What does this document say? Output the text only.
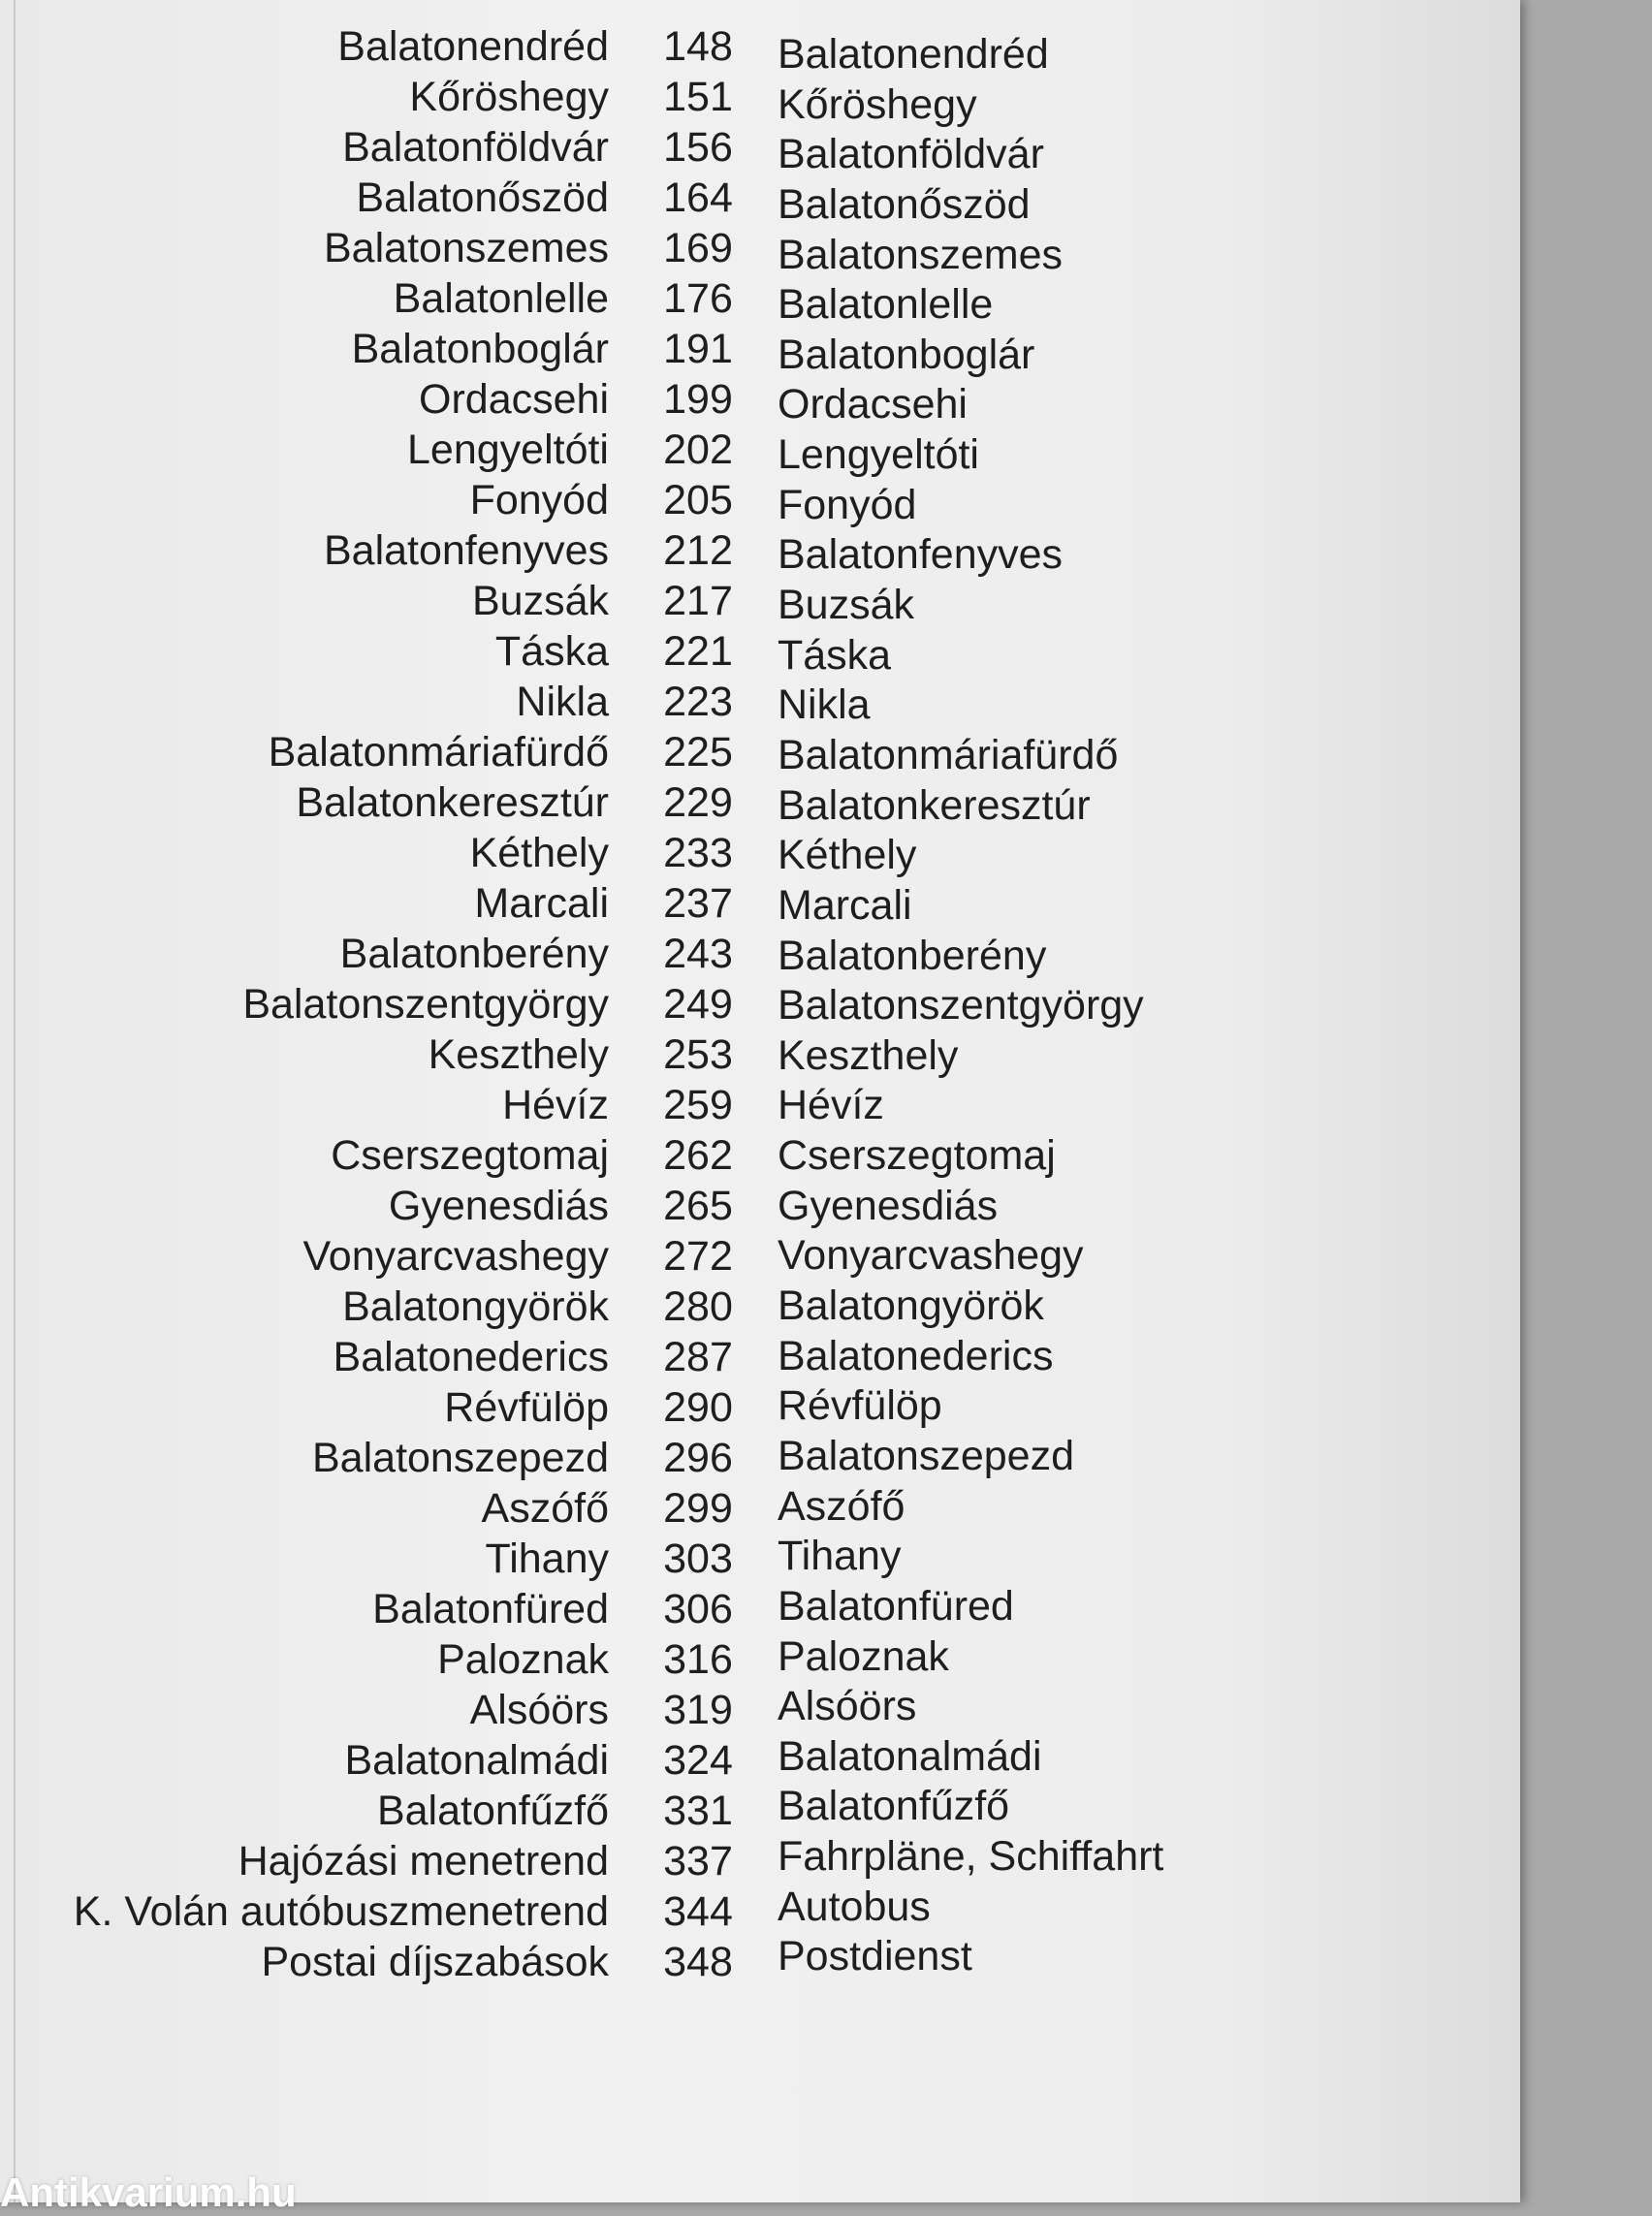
Balatonendréd 148 Balatonendréd
Kőröshegy 151 Kőröshegy
Balatonföldvár 156 Balatonföldvár
Balatonőszöd 164 Balatonőszöd
Balatonszemes 169 Balatonszemes
Balatonlelle 176 Balatonlelle
Balatonboglár 191 Balatonboglár
Ordacsehi 199 Ordacsehi
Lengyeltóti 202 Lengyeltóti
Fonyód 205 Fonyód
Balatonfenyves 212 Balatonfenyves
Buzsák 217 Buzsák
Táska 221 Táska
Nikla 223 Nikla
Balatonmáriafürdő 225 Balatonmáriafürdő
Balatonkeresztúr 229 Balatonkeresztúr
Kéthely 233 Kéthely
Marcali 237 Marcali
Balatonberény 243 Balatonberény
Balatonszentgyörgy 249 Balatonszentgyörgy
Keszthely 253 Keszthely
Hévíz 259 Hévíz
Cserszegtomaj 262 Cserszegtomaj
Gyenesdiás 265 Gyenesdiás
Vonyarcvashegy 272 Vonyarcvashegy
Balatongyörök 280 Balatongyörök
Balatonederics 287 Balatonederics
Révfülöp 290 Révfülöp
Balatonszepezd 296 Balatonszepezd
Aszófő 299 Aszófő
Tihany 303 Tihany
Balatonfüred 306 Balatonfüred
Paloznak 316 Paloznak
Alsóörs 319 Alsóörs
Balatonalmádi 324 Balatonalmádi
Balatonfűzfő 331 Balatonfűzfő
Hajózási menetrend 337 Fahrpläne, Schiffahrt
K. Volán autóbuszmenetrend 344 Autobus
Postai díjszabások 348 Postdienst
Antikvarium.hu
